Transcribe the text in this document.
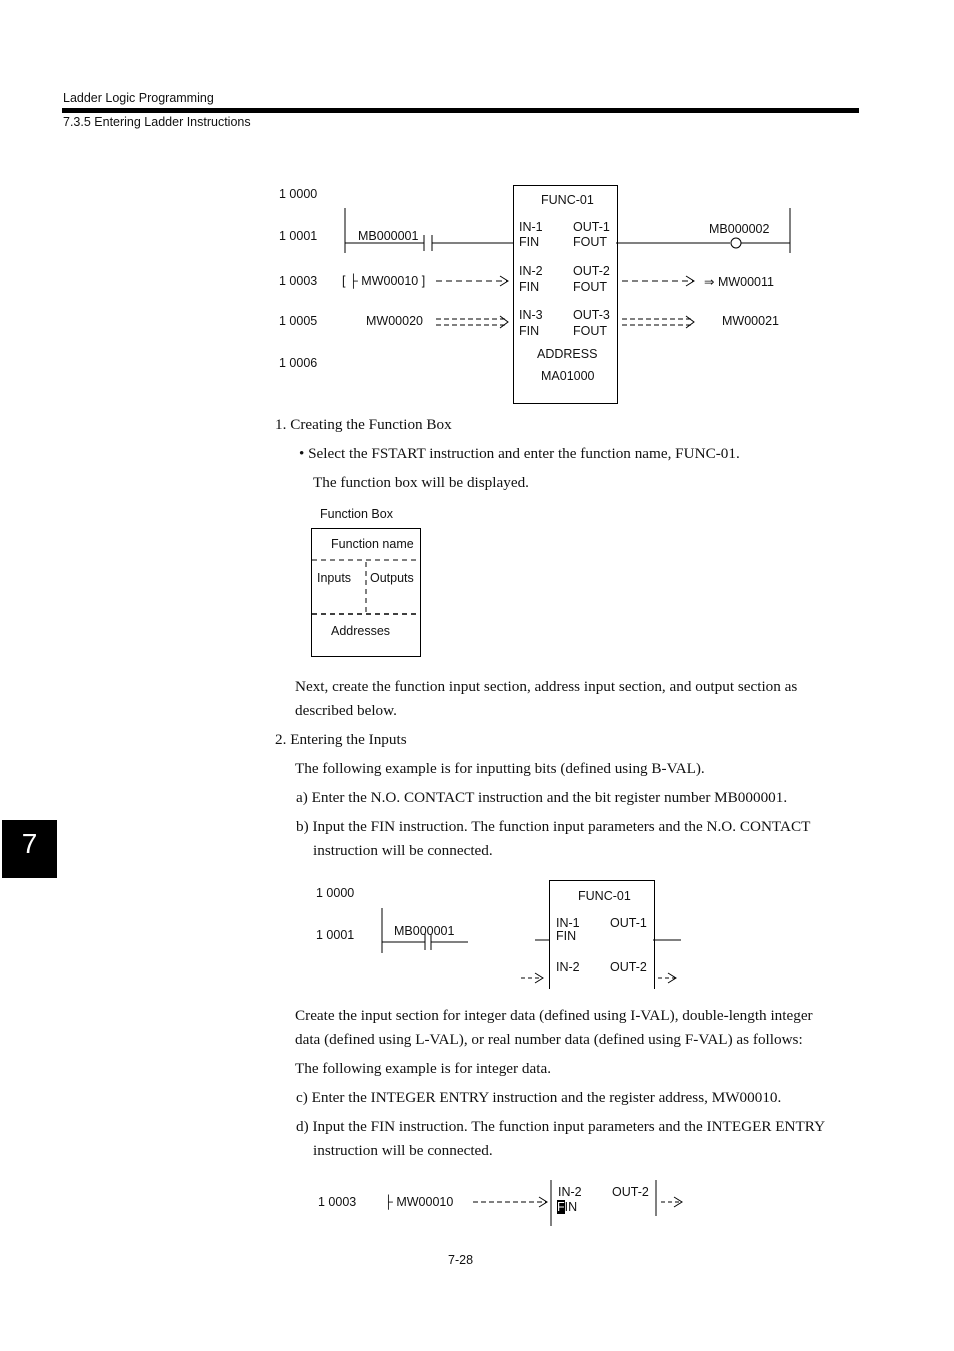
Ladder Logic Programming
7.3.5 Entering Ladder Instructions
1 0000
1 0001
1 0003
1 0005
1 0006
FUNC-01
IN-1
FIN
OUT-1
FOUT
IN-2
FIN
OUT-2
FOUT
IN-3
FIN
OUT-3
FOUT
ADDRESS
MA01000
MB000001	MB000002
[ ├ MW00010 ]	⇒ MW00011
MW00020	MW00021
1. Creating the Function Box
• Select the FSTART instruction and enter the function name, FUNC-01.
The function box will be displayed.
Function Box
Function name
Inputs Outputs
Addresses
Next, create the function input section, address input section, and output section as
described below.
2. Entering the Inputs
The following example is for inputting bits (defined using B-VAL).
a) Enter the N.O. CONTACT instruction and the bit register number MB000001.
b) Input the FIN instruction. The function input parameters and the N.O. CONTACT
instruction will be connected.
1 0000
1 0001	MB000001
FUNC-01
IN-1
FIN
OUT-1
IN-2 OUT-2
Create the input section for integer data (defined using I-VAL), double-length integer
data (defined using L-VAL), or real number data (defined using F-VAL) as follows:
The following example is for integer data.
c) Enter the INTEGER ENTRY instruction and the register address, MW00010.
d) Input the FIN instruction. The function input parameters and the INTEGER ENTRY
instruction will be connected.
1 0003 ├ MW00010
IN-2
FIN
OUT-2
7-28
7
